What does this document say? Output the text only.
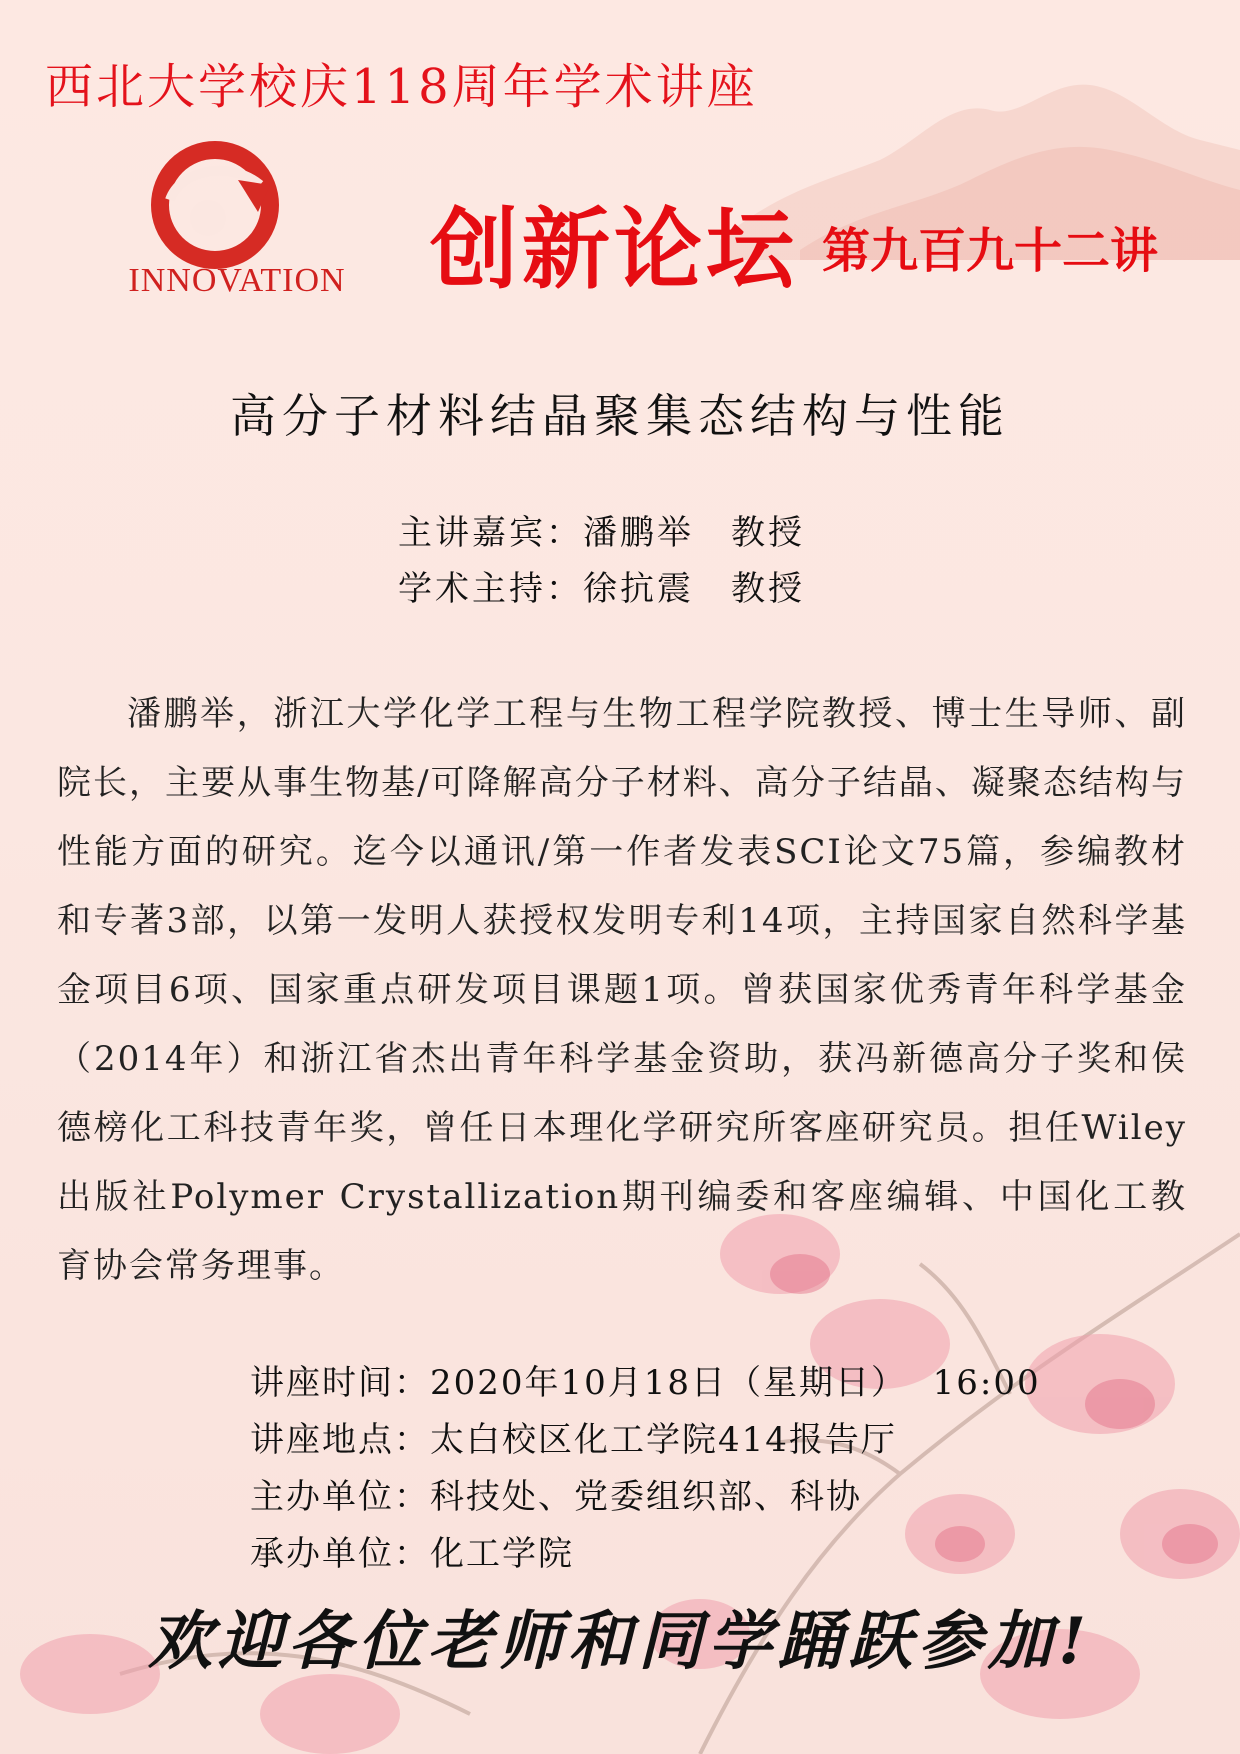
西北大学校庆118周年学术讲座
INNOVATION 创新论坛 第九百九十二讲
高分子材料结晶聚集态结构与性能
主讲嘉宾：潘鹏举　教授
学术主持：徐抗震　教授
潘鹏举，浙江大学化学工程与生物工程学院教授、博士生导师、副院长，主要从事生物基/可降解高分子材料、高分子结晶、凝聚态结构与性能方面的研究。迄今以通讯/第一作者发表SCI论文75篇，参编教材和专著3部，以第一发明人获授权发明专利14项，主持国家自然科学基金项目6项、国家重点研发项目课题1项。曾获国家优秀青年科学基金（2014年）和浙江省杰出青年科学基金资助，获冯新德高分子奖和侯德榜化工科技青年奖，曾任日本理化学研究所客座研究员。担任Wiley出版社Polymer Crystallization期刊编委和客座编辑、中国化工教育协会常务理事。
讲座时间：2020年10月18日（星期日）  16:00
讲座地点：太白校区化工学院414报告厅
主办单位：科技处、党委组织部、科协
承办单位：化工学院
欢迎各位老师和同学踊跃参加!
